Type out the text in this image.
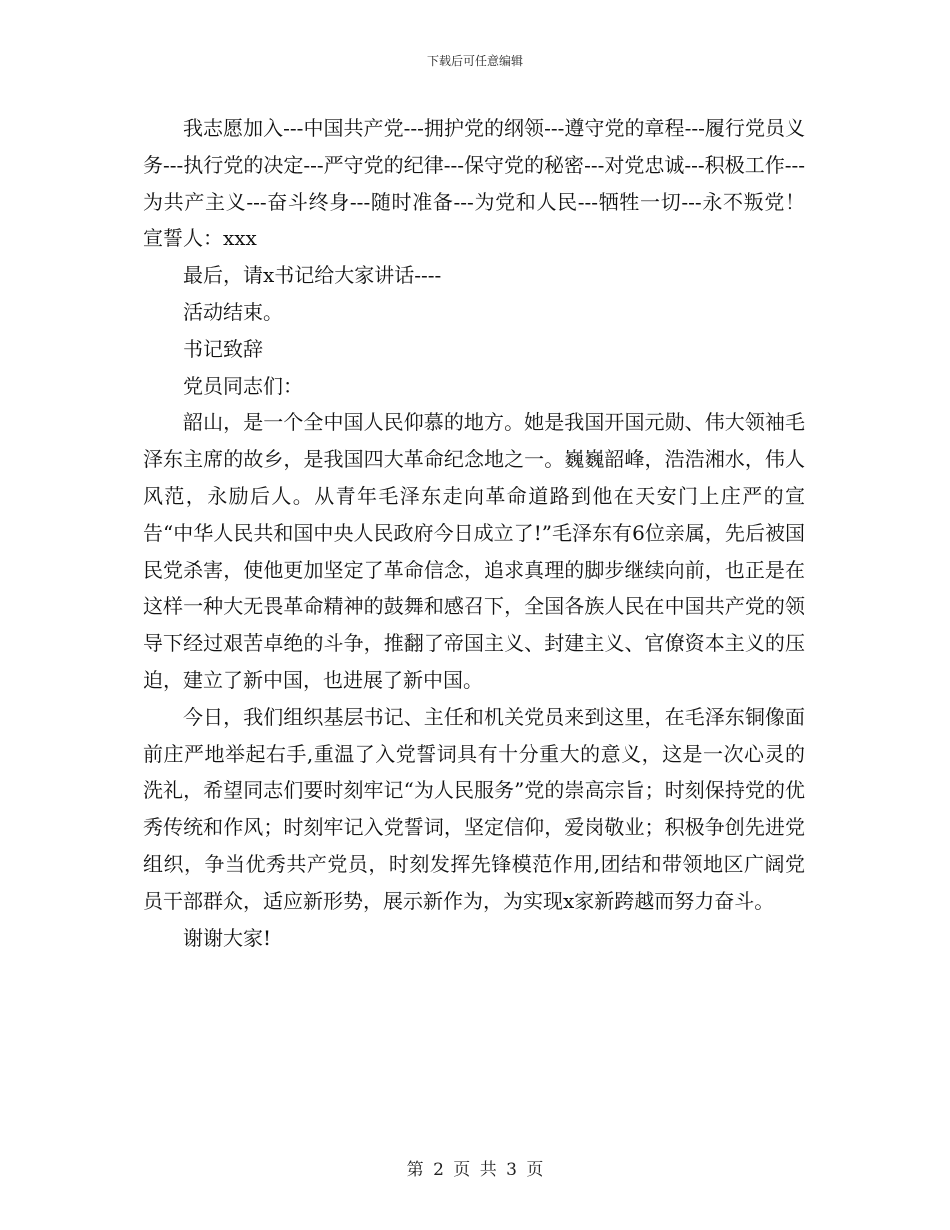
下载后可任意编辑

我志愿加入---中国共产党---拥护党的纲领---遵守党的章程---履行党员义务---执行党的决定---严守党的纪律---保守党的秘密---对党忠诚---积极工作---为共产主义---奋斗终身---随时准备---为党和人民---牺牲一切---永不叛党！　 宣誓人：xxx

最后，请x书记给大家讲话----

活动结束。

书记致辞

党员同志们：

韶山，是一个全中国人民仰慕的地方。她是我国开国元勋、伟大领袖毛泽东主席的故乡，是我国四大革命纪念地之一。巍巍韶峰，浩浩湘水，伟人风范，永励后人。从青年毛泽东走向革命道路到他在天安门上庄严的宣告“中华人民共和国中央人民政府今日成立了!”毛泽东有6位亲属，先后被国民党杀害，使他更加坚定了革命信念，追求真理的脚步继续向前，也正是在这样一种大无畏革命精神的鼓舞和感召下，全国各族人民在中国共产党的领导下经过艰苦卓绝的斗争，推翻了帝国主义、封建主义、官僚资本主义的压迫，建立了新中国，也进展了新中国。

今日，我们组织基层书记、主任和机关党员来到这里，在毛泽东铜像面前庄严地举起右手,重温了入党誓词具有十分重大的意义，这是一次心灵的洗礼，希望同志们要时刻牢记“为人民服务”党的崇高宗旨；时刻保持党的优秀传统和作风；时刻牢记入党誓词，坚定信仰，爱岗敬业；积极争创先进党组织，争当优秀共产党员，时刻发挥先锋模范作用,团结和带领地区广阔党员干部群众，适应新形势，展示新作为，为实现x家新跨越而努力奋斗。

谢谢大家!

第 2 页 共 3 页
